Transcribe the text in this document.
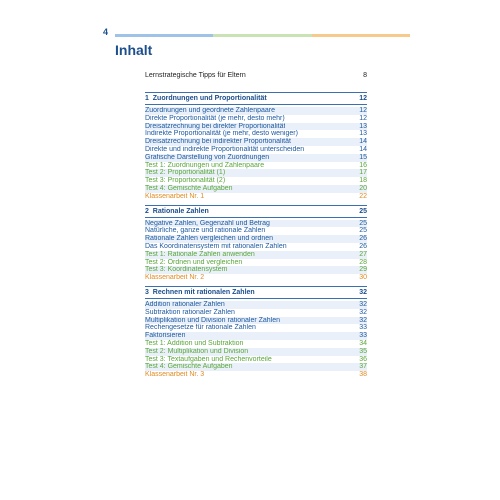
4
Inhalt
Lernstrategische Tipps für Eltern	8
1  Zuordnungen und Proportionalität	12
Zuordnungen und geordnete Zahlenpaare	12
Direkte Proportionalität (je mehr, desto mehr)	12
Dreisatzrechnung bei direkter Proportionalität	13
Indirekte Proportionalität (je mehr, desto weniger)	13
Dreisatzrechnung bei indirekter Proportionalität	14
Direkte und indirekte Proportionalität unterscheiden	14
Grafische Darstellung von Zuordnungen	15
Test 1: Zuordnungen und Zahlenpaare	16
Test 2: Proportionalität (1)	17
Test 3: Proportionalität (2)	18
Test 4: Gemischte Aufgaben	20
Klassenarbeit Nr. 1	22
2  Rationale Zahlen	25
Negative Zahlen, Gegenzahl und Betrag	25
Natürliche, ganze und rationale Zahlen	25
Rationale Zahlen vergleichen und ordnen	26
Das Koordinatensystem mit rationalen Zahlen	26
Test 1: Rationale Zahlen anwenden	27
Test 2: Ordnen und vergleichen	28
Test 3: Koordinatensystem	29
Klassenarbeit Nr. 2	30
3  Rechnen mit rationalen Zahlen	32
Addition rationaler Zahlen	32
Subtraktion rationaler Zahlen	32
Multiplikation und Division rationaler Zahlen	32
Rechengesetze für rationale Zahlen	33
Faktorisieren	33
Test 1: Addition und Subtraktion	34
Test 2: Multiplikation und Division	35
Test 3: Textaufgaben und Rechenvorteile	36
Test 4: Gemischte Aufgaben	37
Klassenarbeit Nr. 3	38
